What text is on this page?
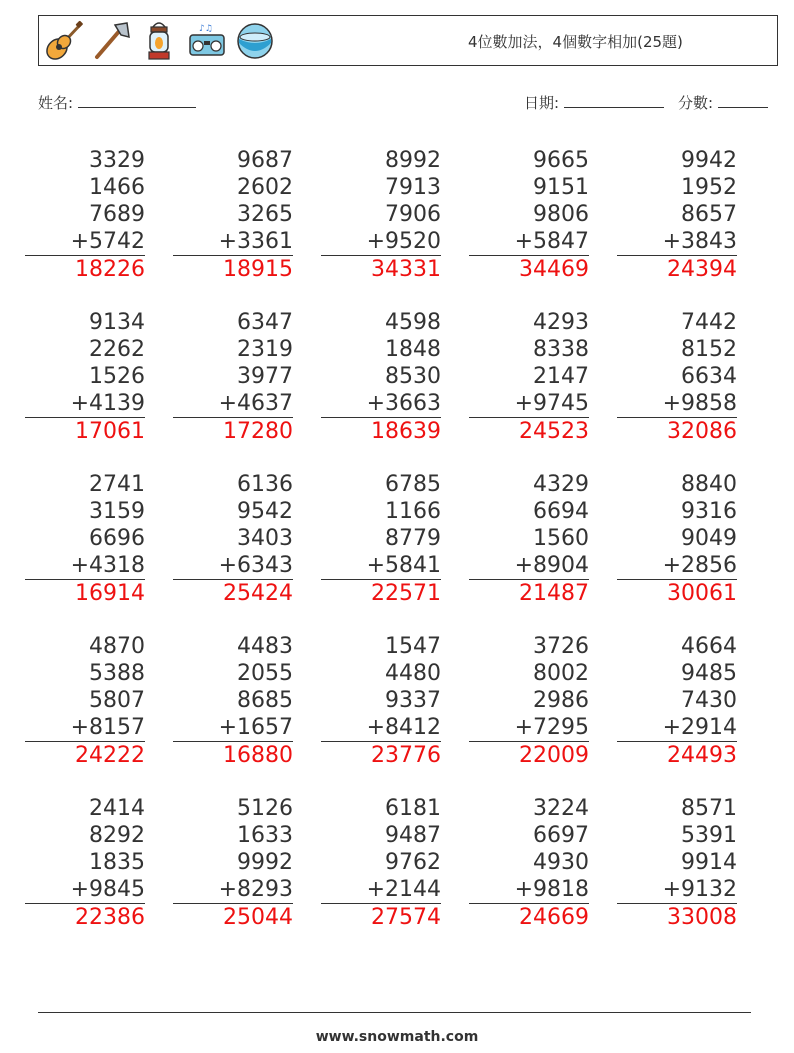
♪♫
4位數加法，4個數字相加(25題)
姓名:	日期:	分數:
3329
1466
7689
+5742
18226
9687
2602
3265
+3361
18915
8992
7913
7906
+9520
34331
9665
9151
9806
+5847
34469
9942
1952
8657
+3843
24394
9134
2262
1526
+4139
17061
6347
2319
3977
+4637
17280
4598
1848
8530
+3663
18639
4293
8338
2147
+9745
24523
7442
8152
6634
+9858
32086
2741
3159
6696
+4318
16914
6136
9542
3403
+6343
25424
6785
1166
8779
+5841
22571
4329
6694
1560
+8904
21487
8840
9316
9049
+2856
30061
4870
5388
5807
+8157
24222
4483
2055
8685
+1657
16880
1547
4480
9337
+8412
23776
3726
8002
2986
+7295
22009
4664
9485
7430
+2914
24493
2414
8292
1835
+9845
22386
5126
1633
9992
+8293
25044
6181
9487
9762
+2144
27574
3224
6697
4930
+9818
24669
8571
5391
9914
+9132
33008
www.snowmath.com
